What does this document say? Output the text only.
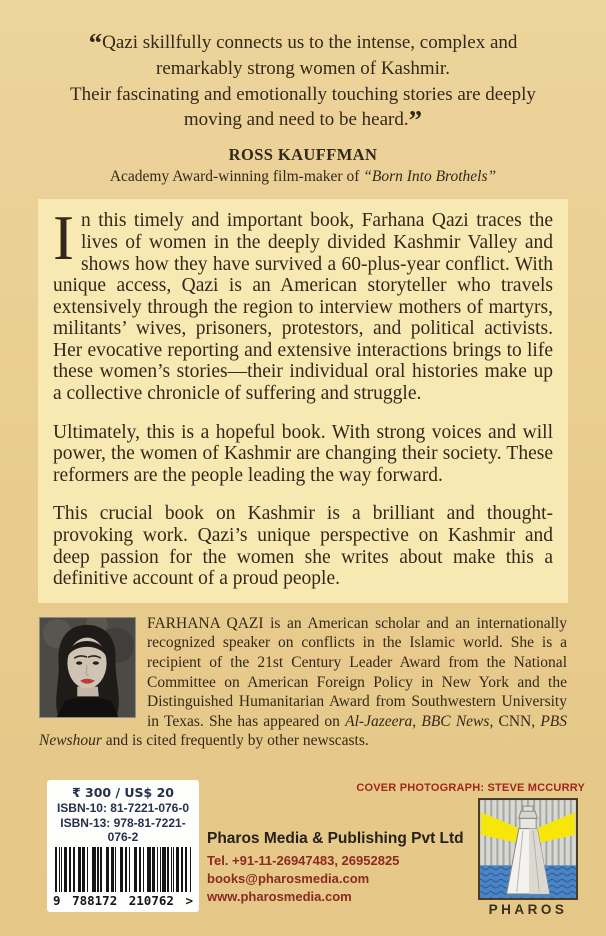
“Qazi skillfully connects us to the intense, complex and remarkably strong women of Kashmir.
Their fascinating and emotionally touching stories are deeply moving and need to be heard.”
ROSS KAUFFMAN
Academy Award-winning film-maker of “Born Into Brothels”

In this timely and important book, Farhana Qazi traces the lives of women in the deeply divided Kashmir Valley and shows how they have survived a 60-plus-year conflict. With unique access, Qazi is an American storyteller who travels extensively through the region to interview mothers of martyrs, militants’ wives, prisoners, protestors, and political activists. Her evocative reporting and extensive interactions brings to life these women’s stories—their individual oral histories make up a collective chronicle of suffering and struggle.

Ultimately, this is a hopeful book. With strong voices and will power, the women of Kashmir are changing their society. These reformers are the people leading the way forward.

This crucial book on Kashmir is a brilliant and thought-provoking work. Qazi’s unique perspective on Kashmir and deep passion for the women she writes about make this a definitive account of a proud people.

FARHANA QAZI is an American scholar and an internationally recognized speaker on conflicts in the Islamic world. She is a recipient of the 21st Century Leader Award from the National Committee on American Foreign Policy in New York and the Distinguished Humanitarian Award from Southwestern University in Texas. She has appeared on Al-Jazeera, BBC News, CNN, PBS Newshour and is cited frequently by other newscasts.
₹ 300 / US$ 20
ISBN-10: 81-7221-076-0
ISBN-13: 978-81-7221-076-2
9 788172 210762 >
COVER PHOTOGRAPH: STEVE MCCURRY
Pharos Media & Publishing Pvt Ltd
Tel. +91-11-26947483, 26952825
books@pharosmedia.com
www.pharosmedia.com
PHAROS
